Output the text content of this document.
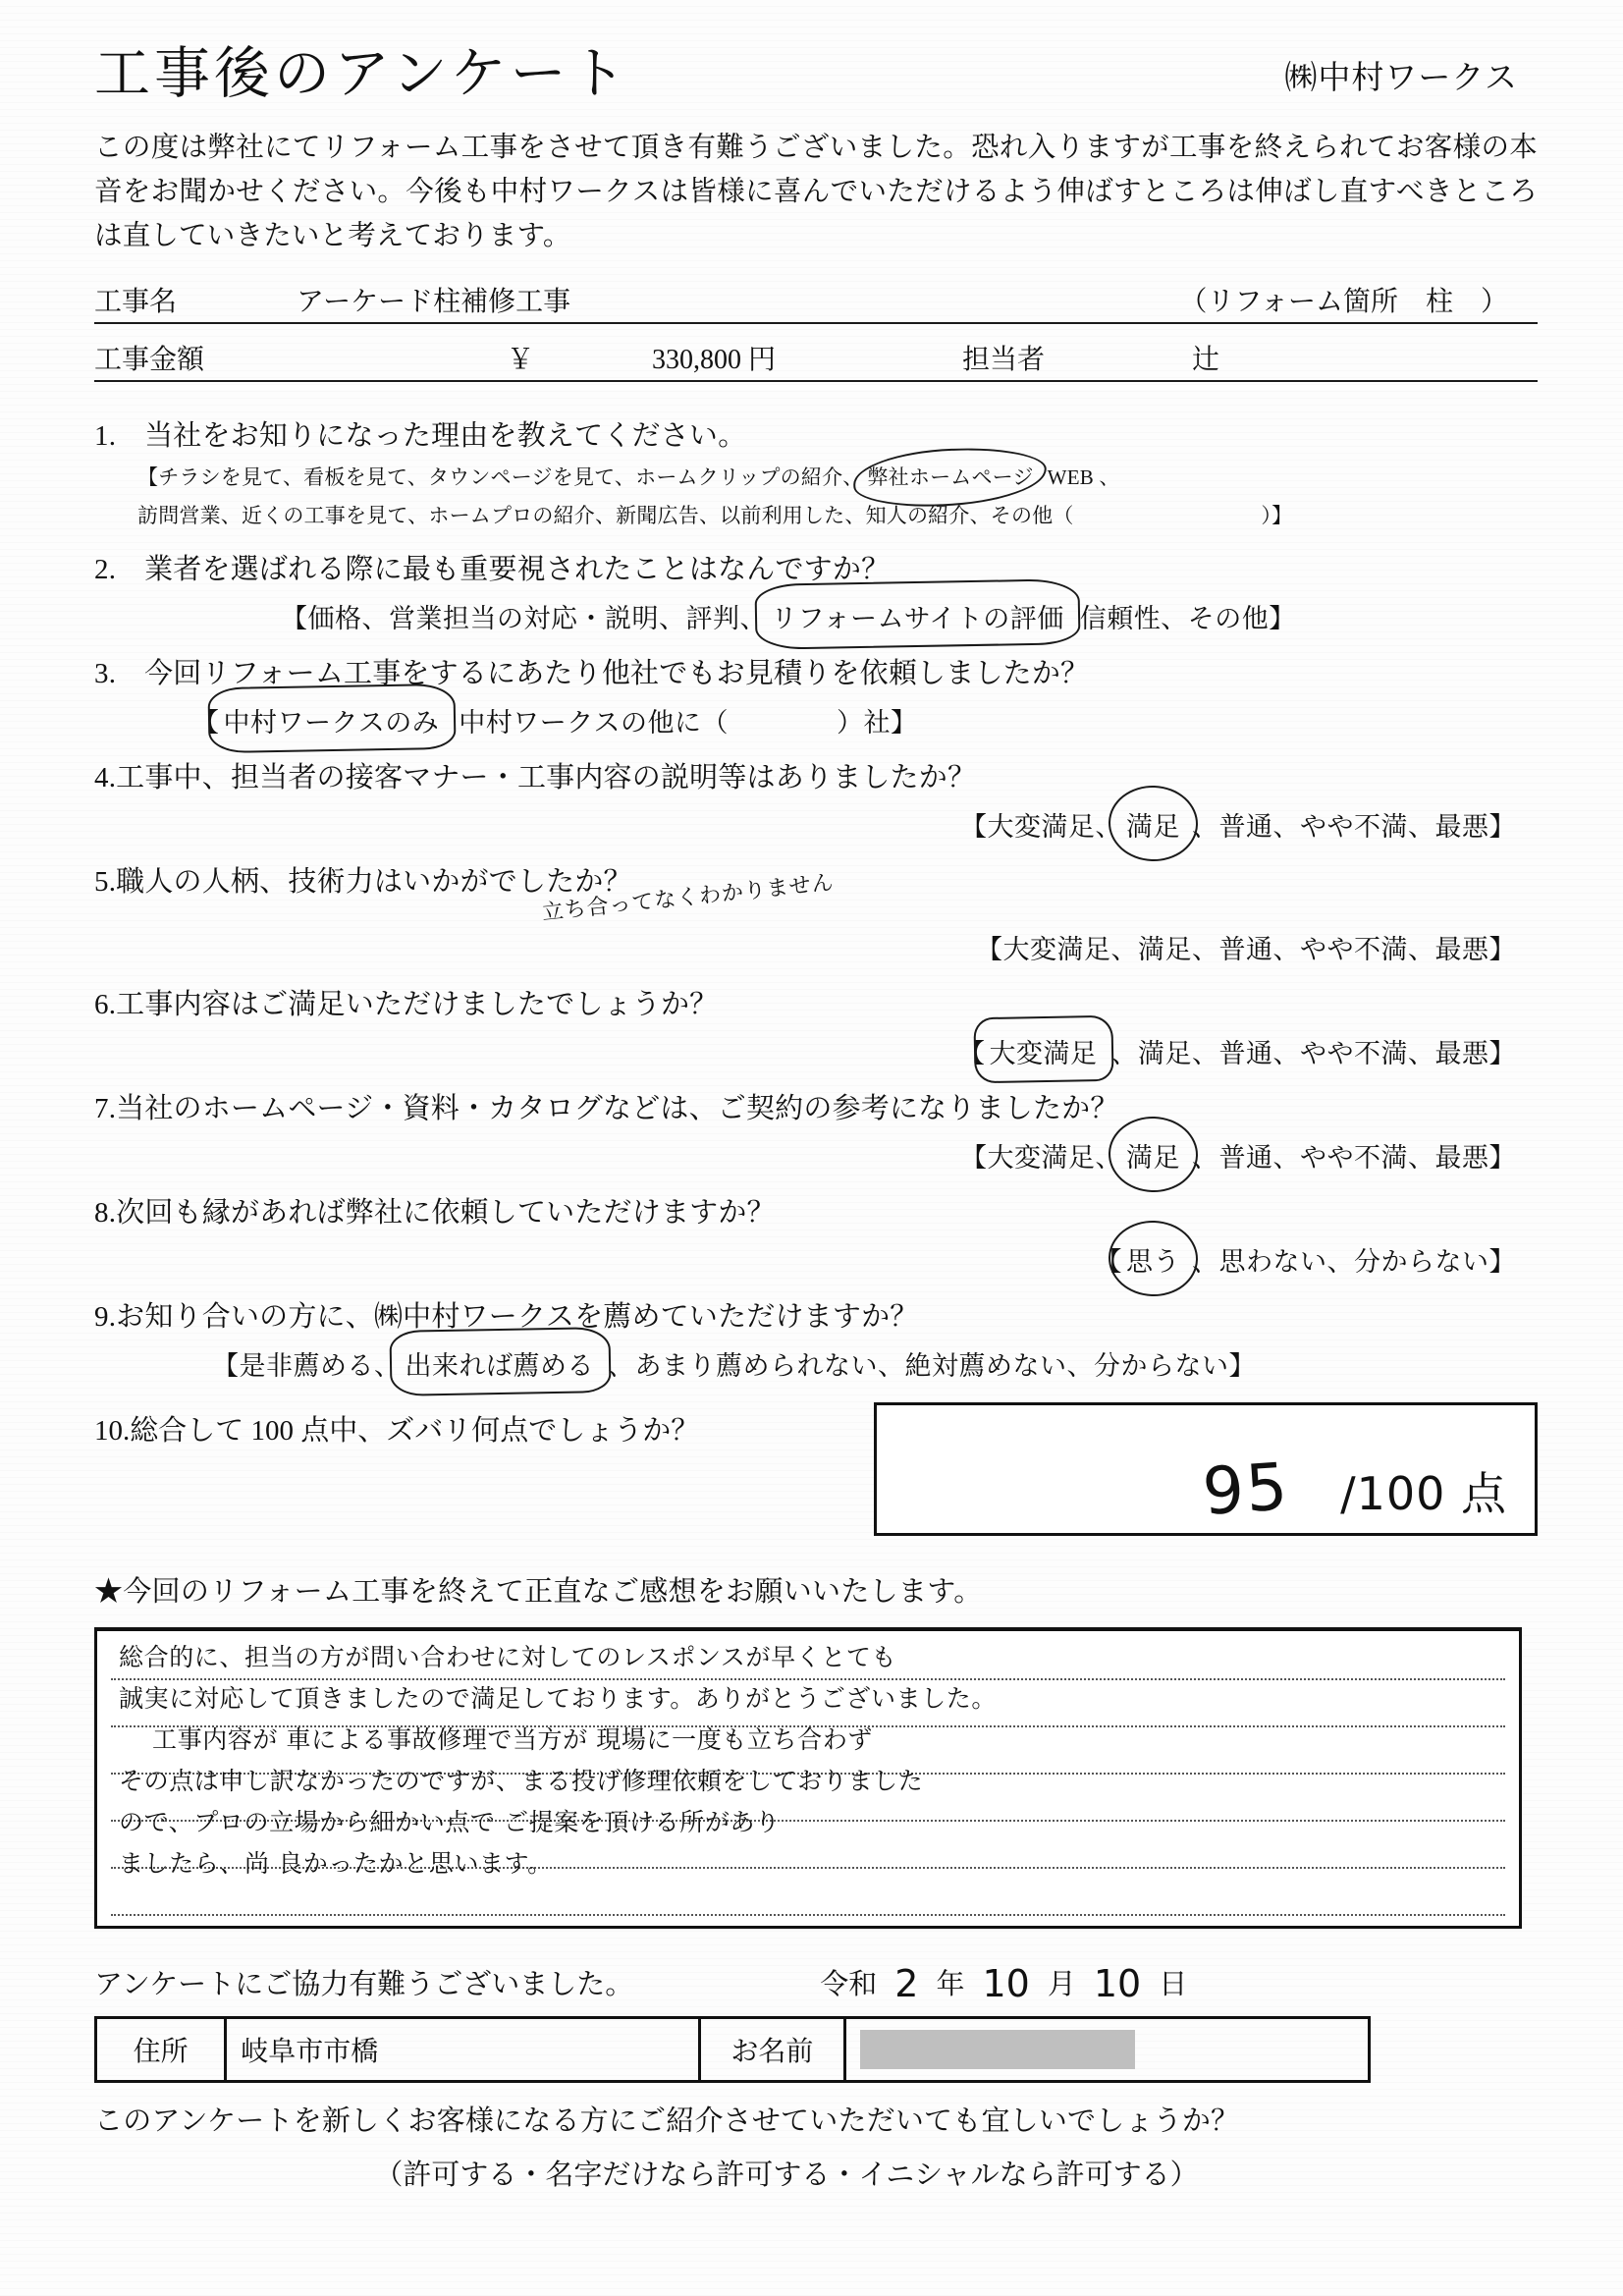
工事後のアンケート	㈱中村ワークス
この度は弊社にてリフォーム工事をさせて頂き有難うございました。恐れ入りますが工事を終えられてお客様の本音をお聞かせください。今後も中村ワークスは皆様に喜んでいただけるよう伸ばすところは伸ばし直すべきところは直していきたいと考えております。
工事名	アーケード柱補修工事	（リフォーム箇所　柱　）
工事金額	￥	330,800 円	担当者	辻
1. 当社をお知りになった理由を教えてください。
【チラシを見て、看板を見て、タウンページを見て、ホームクリップの紹介、 弊社ホームページ WEB 、
訪問営業、近くの工事を見て、ホームプロの紹介、新聞広告、以前利用した、知人の紹介、その他（　　　　　　　　　）】
2. 業者を選ばれる際に最も重要視されたことはなんですか？
【価格、営業担当の対応・説明、評判、 リフォームサイトの評価 信頼性、その他】
3. 今回リフォーム工事をするにあたり他社でもお見積りを依頼しましたか？
【 中村ワークスのみ 中村ワークスの他に（　　　　）社】
4.工事中、担当者の接客マナー・工事内容の説明等はありましたか？
【大変満足、 満足 、普通、やや不満、最悪】
5.職人の人柄、技術力はいかがでしたか？
立ち合ってなくわかりません
【大変満足、満足、普通、やや不満、最悪】
6.工事内容はご満足いただけましたでしょうか？
【 大変満足 、満足、普通、やや不満、最悪】
7.当社のホームページ・資料・カタログなどは、ご契約の参考になりましたか？
【大変満足、 満足 、普通、やや不満、最悪】
8.次回も縁があれば弊社に依頼していただけますか？
【 思う 、思わない、分からない】
9.お知り合いの方に、㈱中村ワークスを薦めていただけますか？
【是非薦める、 出来れば薦める 、あまり薦められない、絶対薦めない、分からない】
10.総合して 100 点中、ズバリ何点でしょうか？
95 /100 点
★今回のリフォーム工事を終えて正直なご感想をお願いいたします。
総合的に、担当の方が問い合わせに対してのレスポンスが早くとても
誠実に対応して頂きましたので満足しております。ありがとうございました。
工事内容が 車による事故修理で当方が 現場に一度も立ち合わず
その点は申し訳なかったのですが、まる投げ修理依頼をしておりました
ので、プロの立場から細かい点で ご提案を頂ける所があり
ましたら、尚 良かったかと思います。
アンケートにご協力有難うございました。	令和 2 年 10 月 10 日
住所	岐阜市市橋	お名前	
このアンケートを新しくお客様になる方にご紹介させていただいても宜しいでしょうか？
（許可する・名字だけなら許可する・イニシャルなら許可する）
